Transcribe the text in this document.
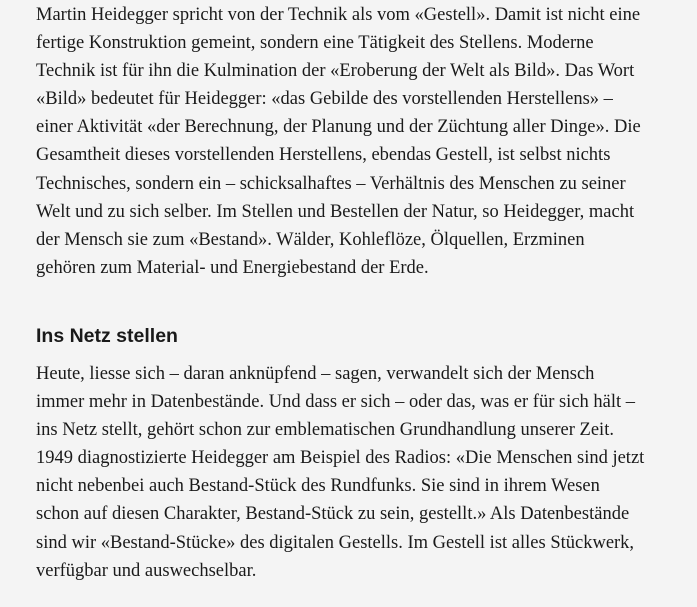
Martin Heidegger spricht von der Technik als vom «Gestell». Damit ist nicht eine
fertige Konstruktion gemeint, sondern eine Tätigkeit des Stellens. Moderne
Technik ist für ihn die Kulmination der «Eroberung der Welt als Bild». Das Wort
«Bild» bedeutet für Heidegger: «das Gebilde des vorstellenden Herstellens» –
einer Aktivität «der Berechnung, der Planung und der Züchtung aller Dinge». Die
Gesamtheit dieses vorstellenden Herstellens, ebendas Gestell, ist selbst nichts
Technisches, sondern ein – schicksalhaftes – Verhältnis des Menschen zu seiner
Welt und zu sich selber. Im Stellen und Bestellen der Natur, so Heidegger, macht
der Mensch sie zum «Bestand». Wälder, Kohleflöze, Ölquellen, Erzminen
gehören zum Material- und Energiebestand der Erde.

Ins Netz stellen

Heute, liesse sich – daran anknüpfend – sagen, verwandelt sich der Mensch
immer mehr in Datenbestände. Und dass er sich – oder das, was er für sich hält –
ins Netz stellt, gehört schon zur emblematischen Grundhandlung unserer Zeit.
1949 diagnostizierte Heidegger am Beispiel des Radios: «Die Menschen sind jetzt
nicht nebenbei auch Bestand-Stück des Rundfunks. Sie sind in ihrem Wesen
schon auf diesen Charakter, Bestand-Stück zu sein, gestellt.» Als Datenbestände
sind wir «Bestand-Stücke» des digitalen Gestells. Im Gestell ist alles Stückwerk,
verfügbar und auswechselbar.
